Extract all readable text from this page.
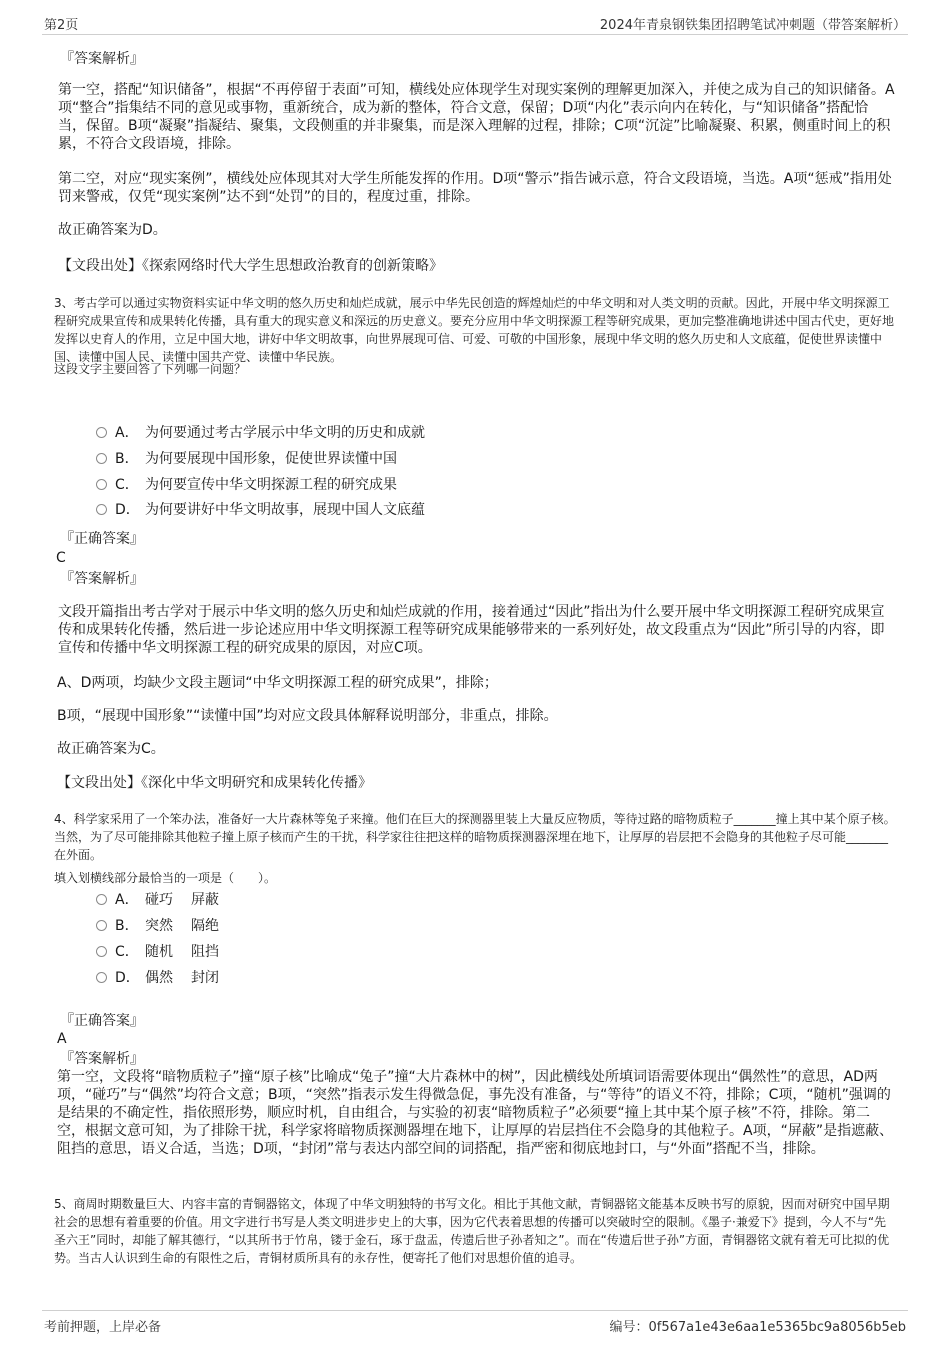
第2页	2024年青泉钢铁集团招聘笔试冲刺题（带答案解析）
『答案解析』

第一空，搭配“知识储备”，根据“不再停留于表面”可知，横线处应体现学生对现实案例的理解更加深入，并使之成为自己的知识储备。A项“整合”指集结不同的意见或事物，重新统合，成为新的整体，符合文意，保留；D项“内化”表示向内在转化，与“知识储备”搭配恰当，保留。B项“凝聚”指凝结、聚集，文段侧重的并非聚集，而是深入理解的过程，排除；C项“沉淀”比喻凝聚、积累，侧重时间上的积累，不符合文段语境，排除。

第二空，对应“现实案例”，横线处应体现其对大学生所能发挥的作用。D项“警示”指告诫示意，符合文段语境，当选。A项“惩戒”指用处罚来警戒，仅凭“现实案例”达不到“处罚”的目的，程度过重，排除。

故正确答案为D。

【文段出处】《探索网络时代大学生思想政治教育的创新策略》

3、考古学可以通过实物资料实证中华文明的悠久历史和灿烂成就，展示中华先民创造的辉煌灿烂的中华文明和对人类文明的贡献。因此，开展中华文明探源工程研究成果宣传和成果转化传播，具有重大的现实意义和深远的历史意义。要充分应用中华文明探源工程等研究成果，更加完整准确地讲述中国古代史，更好地发挥以史育人的作用，立足中国大地，讲好中华文明故事，向世界展现可信、可爱、可敬的中国形象，展现中华文明的悠久历史和人文底蕴，促使世界读懂中国、读懂中国人民、读懂中国共产党、读懂中华民族。

这段文字主要回答了下列哪一问题？

A． 为何要通过考古学展示中华文明的历史和成就
B． 为何要展现中国形象，促使世界读懂中国
C． 为何要宣传中华文明探源工程的研究成果
D． 为何要讲好中华文明故事，展现中国人文底蕴
『正确答案』
C
『答案解析』

文段开篇指出考古学对于展示中华文明的悠久历史和灿烂成就的作用，接着通过“因此”指出为什么要开展中华文明探源工程研究成果宣传和成果转化传播，然后进一步论述应用中华文明探源工程等研究成果能够带来的一系列好处，故文段重点为“因此”所引导的内容，即宣传和传播中华文明探源工程的研究成果的原因，对应C项。

A、D两项，均缺少文段主题词“中华文明探源工程的研究成果”，排除；

B项，“展现中国形象”“读懂中国”均对应文段具体解释说明部分，非重点，排除。

故正确答案为C。

【文段出处】《深化中华文明研究和成果转化传播》

4、科学家采用了一个笨办法，准备好一大片森林等兔子来撞。他们在巨大的探测器里装上大量反应物质，等待过路的暗物质粒子_______撞上其中某个原子核。当然，为了尽可能排除其他粒子撞上原子核而产生的干扰，科学家往往把这样的暗物质探测器深埋在地下，让厚厚的岩层把不会隐身的其他粒子尽可能_______在外面。

填入划横线部分最恰当的一项是（　　）。

A． 碰巧 屏蔽
B． 突然 隔绝
C． 随机 阻挡
D． 偶然 封闭
『正确答案』
A
『答案解析』

第一空，文段将“暗物质粒子”撞“原子核”比喻成“兔子”撞“大片森林中的树”，因此横线处所填词语需要体现出“偶然性”的意思，AD两项，“碰巧”与“偶然”均符合文意；B项，“突然”指表示发生得微急促，事先没有准备，与“等待”的语义不符，排除；C项，“随机”强调的是结果的不确定性，指依照形势，顺应时机，自由组合，与实验的初衷“暗物质粒子”必须要“撞上其中某个原子核”不符，排除。第二空，根据文意可知，为了排除干扰，科学家将暗物质探测器埋在地下，让厚厚的岩层挡住不会隐身的其他粒子。A项，“屏蔽”是指遮蔽、阻挡的意思，语义合适，当选；D项，“封闭”常与表达内部空间的词搭配，指严密和彻底地封口，与“外面”搭配不当，排除。

5、商周时期数量巨大、内容丰富的青铜器铭文，体现了中华文明独特的书写文化。相比于其他文献，青铜器铭文能基本反映书写的原貌，因而对研究中国早期社会的思想有着重要的价值。用文字进行书写是人类文明进步史上的大事，因为它代表着思想的传播可以突破时空的限制。《墨子·兼爱下》提到，今人不与“先圣六王”同时，却能了解其德行，“以其所书于竹帛，镂于金石，琢于盘盂，传遗后世子孙者知之”。而在“传遗后世子孙”方面，青铜器铭文就有着无可比拟的优势。当古人认识到生命的有限性之后，青铜材质所具有的永存性，便寄托了他们对思想价值的追寻。

考前押题，上岸必备	编号：0f567a1e43e6aa1e5365bc9a8056b5eb
